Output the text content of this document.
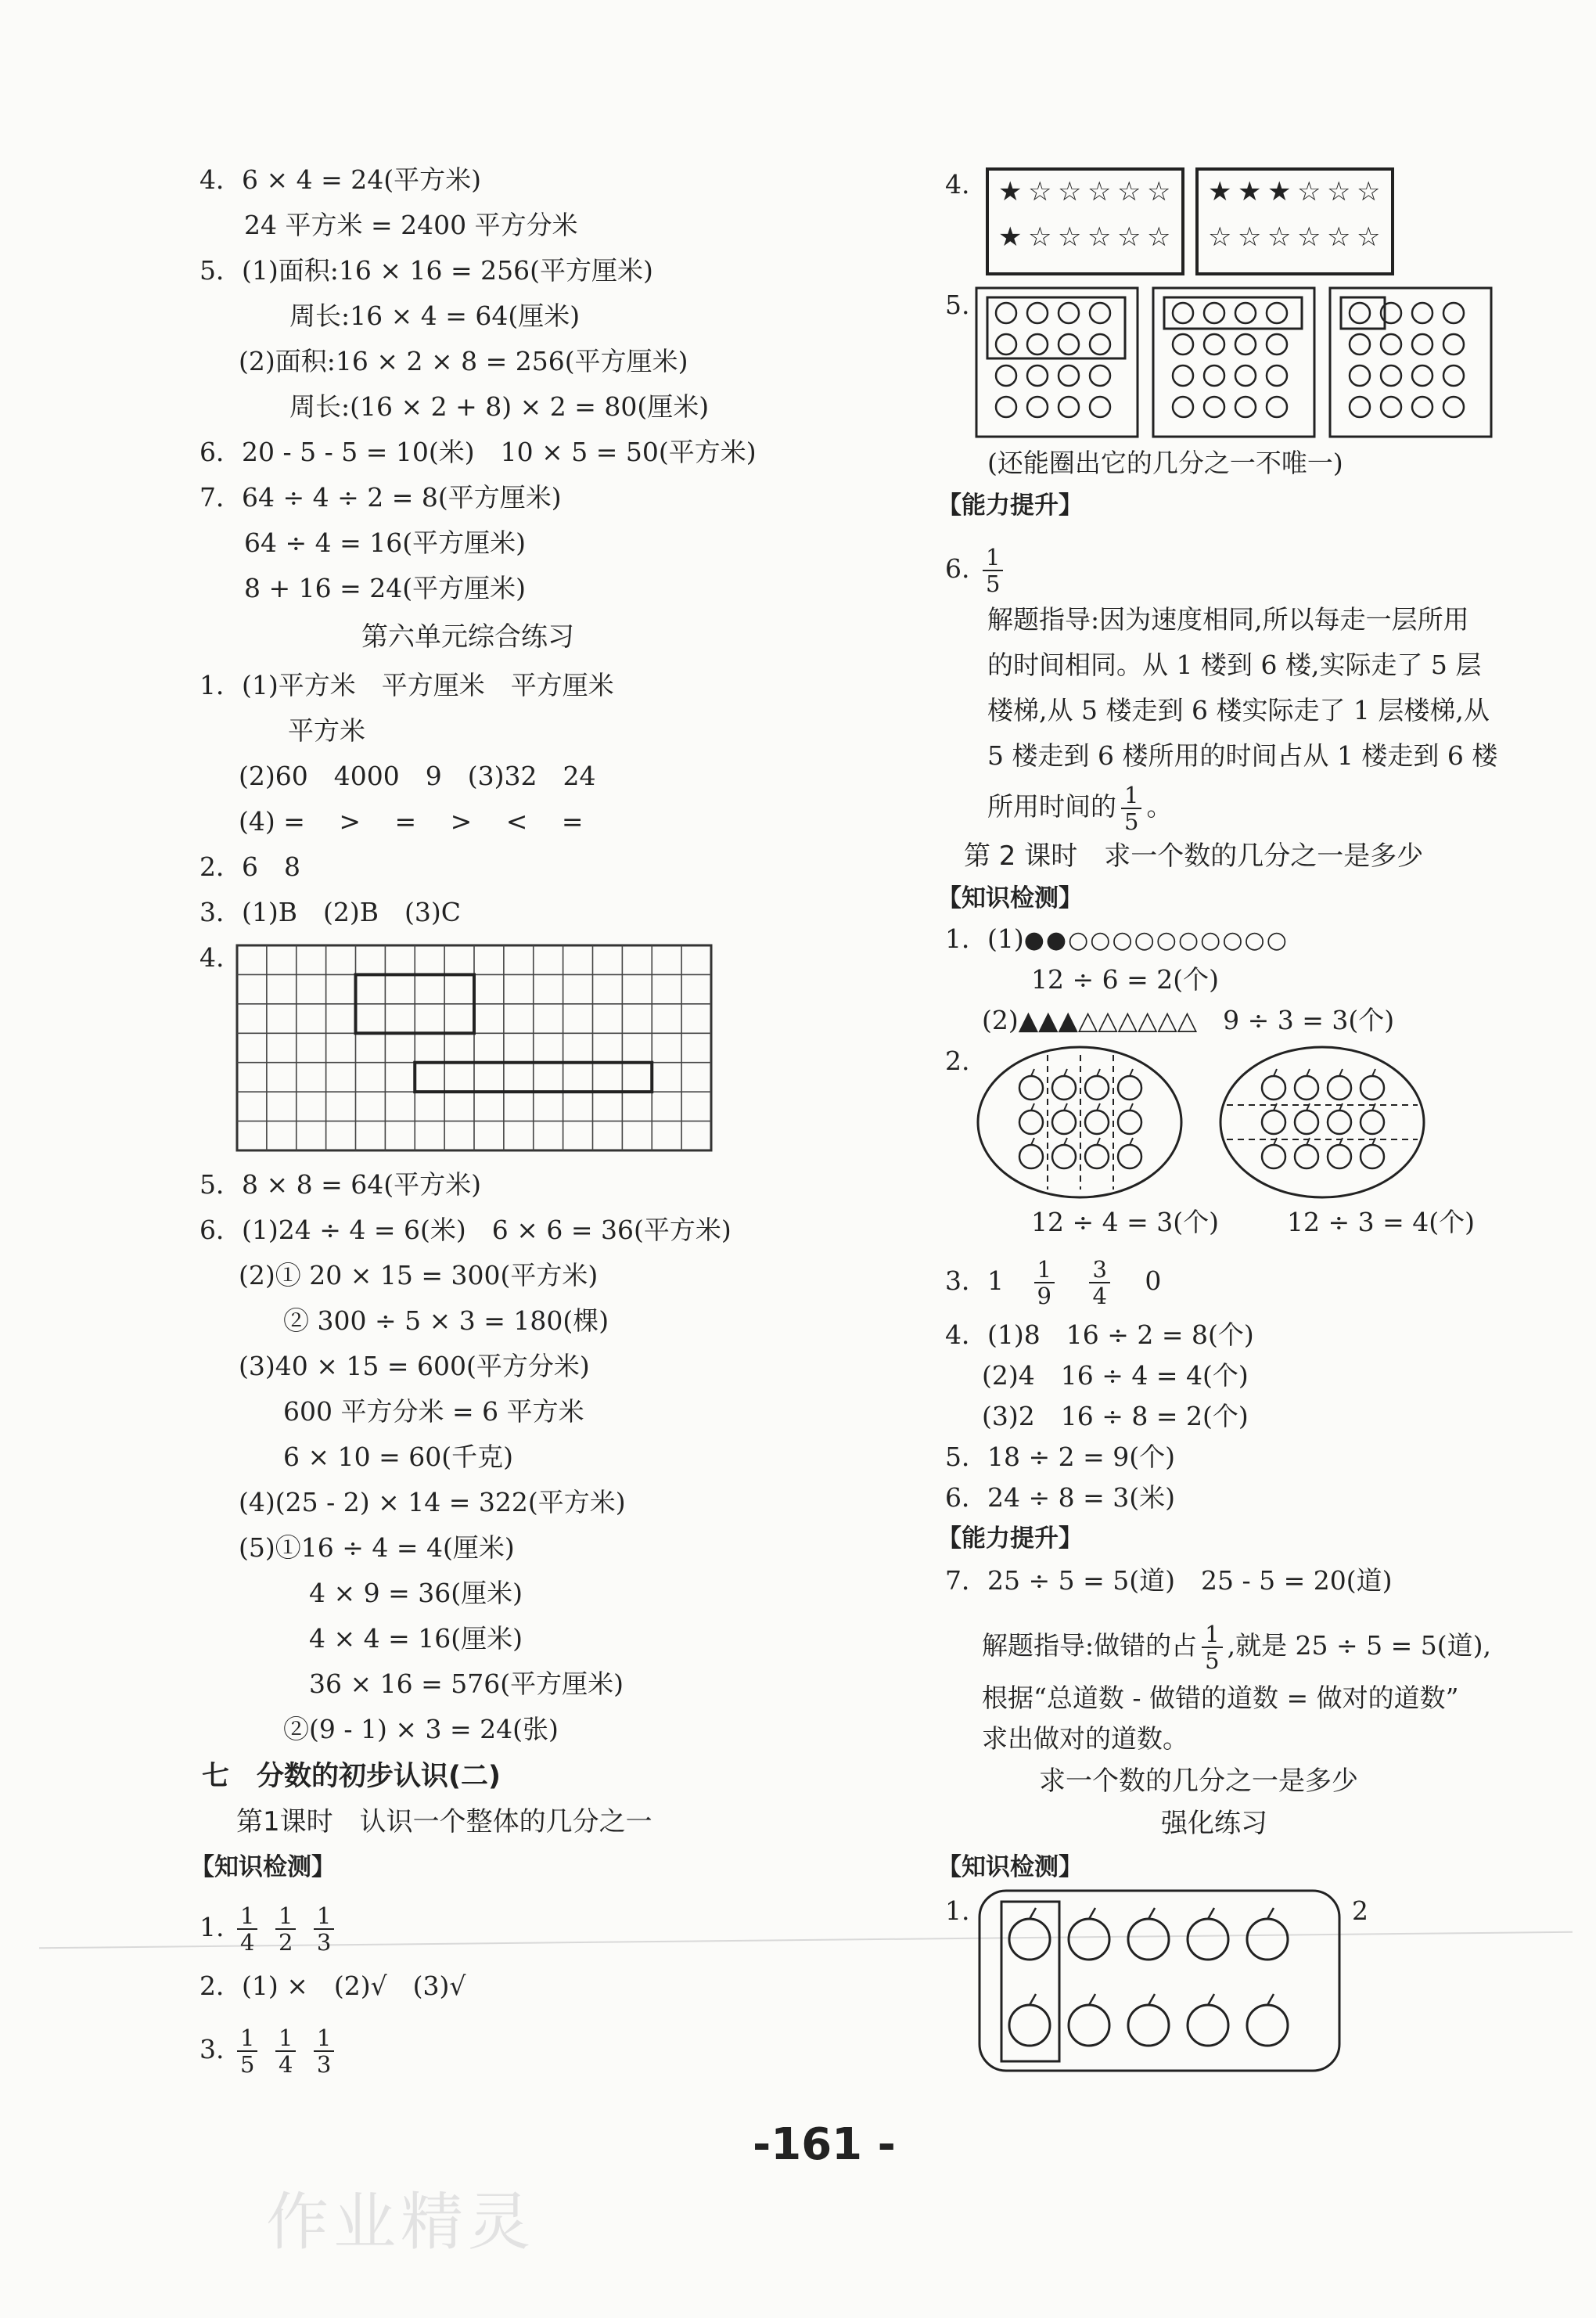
4．6 × 4 = 24(平方米)
24 平方米 = 2400 平方分米
5．(1)面积:16 × 16 = 256(平方厘米)
周长:16 × 4 = 64(厘米)
(2)面积:16 × 2 × 8 = 256(平方厘米)
周长:(16 × 2 + 8) × 2 = 80(厘米)
6．20 - 5 - 5 = 10(米)　10 × 5 = 50(平方米)
7．64 ÷ 4 ÷ 2 = 8(平方厘米)
64 ÷ 4 = 16(平方厘米)
8 + 16 = 24(平方厘米)
第六单元综合练习
1．(1)平方米　平方厘米　平方厘米
平方米
(2)60　4000　9　(3)32　24
(4) =　 >　 =　 >　 <　 =
2．6　8
3．(1)B　(2)B　(3)C
4.
5．8 × 8 = 64(平方米)
6．(1)24 ÷ 4 = 6(米)　6 × 6 = 36(平方米)
(2)① 20 × 15 = 300(平方米)
② 300 ÷ 5 × 3 = 180(棵)
(3)40 × 15 = 600(平方分米)
600 平方分米 = 6 平方米
6 × 10 = 60(千克)
(4)(25 - 2) × 14 = 322(平方米)
(5)①16 ÷ 4 = 4(厘米)
4 × 9 = 36(厘米)
4 × 4 = 16(厘米)
36 × 16 = 576(平方厘米)
②(9 - 1) × 3 = 24(张)
七　分数的初步认识(二)
第1课时　认识一个整体的几分之一
【知识检测】
1. $\frac{1}{4}$
$\frac{1}{2}$
$\frac{1}{3}$
2．(1) ×　(2)√　(3)√
3. $\frac{1}{5}$
$\frac{1}{4}$
$\frac{1}{3}$
4. ★ ☆ ☆ ☆ ☆ ☆
★ ☆ ☆ ☆ ☆ ☆
★ ★ ★ ☆ ☆ ☆
☆ ☆ ☆ ☆ ☆ ☆
5.
(还能圈出它的几分之一不唯一)
【能力提升】
6. $\frac{1}{5}$
解题指导:因为速度相同,所以每走一层所用
的时间相同。从 1 楼到 6 楼,实际走了 5 层
楼梯,从 5 楼走到 6 楼实际走了 1 层楼梯,从
5 楼走到 6 楼所用的时间占从 1 楼走到 6 楼
所用时间的 $\frac{1}{5}$ 。
第 2 课时　求一个数的几分之一是多少
【知识检测】
1．(1)●●○○○○○○○○○○
12 ÷ 6 = 2(个)
(2)▲▲▲△△△△△△　9 ÷ 3 = 3(个)
2.
12 ÷ 4 = 3(个)	12 ÷ 3 = 4(个)
3．$1 \frac{1}{9}$
$\frac{3}{4} 0$
4．(1)8　16 ÷ 2 = 8(个)
(2)4　16 ÷ 4 = 4(个)
(3)2　16 ÷ 8 = 2(个)
5．18 ÷ 2 = 9(个)
6．24 ÷ 8 = 3(米)
【能力提升】
7．25 ÷ 5 = 5(道)　25 - 5 = 20(道)
解题指导:做错的占 $\frac{1}{5}$ ,就是 25 ÷ 5 = 5(道),
根据“总道数 - 做错的道数 = 做对的道数”
求出做对的道数。
求一个数的几分之一是多少
强化练习
【知识检测】
1.	2
-161 -
作业精灵
